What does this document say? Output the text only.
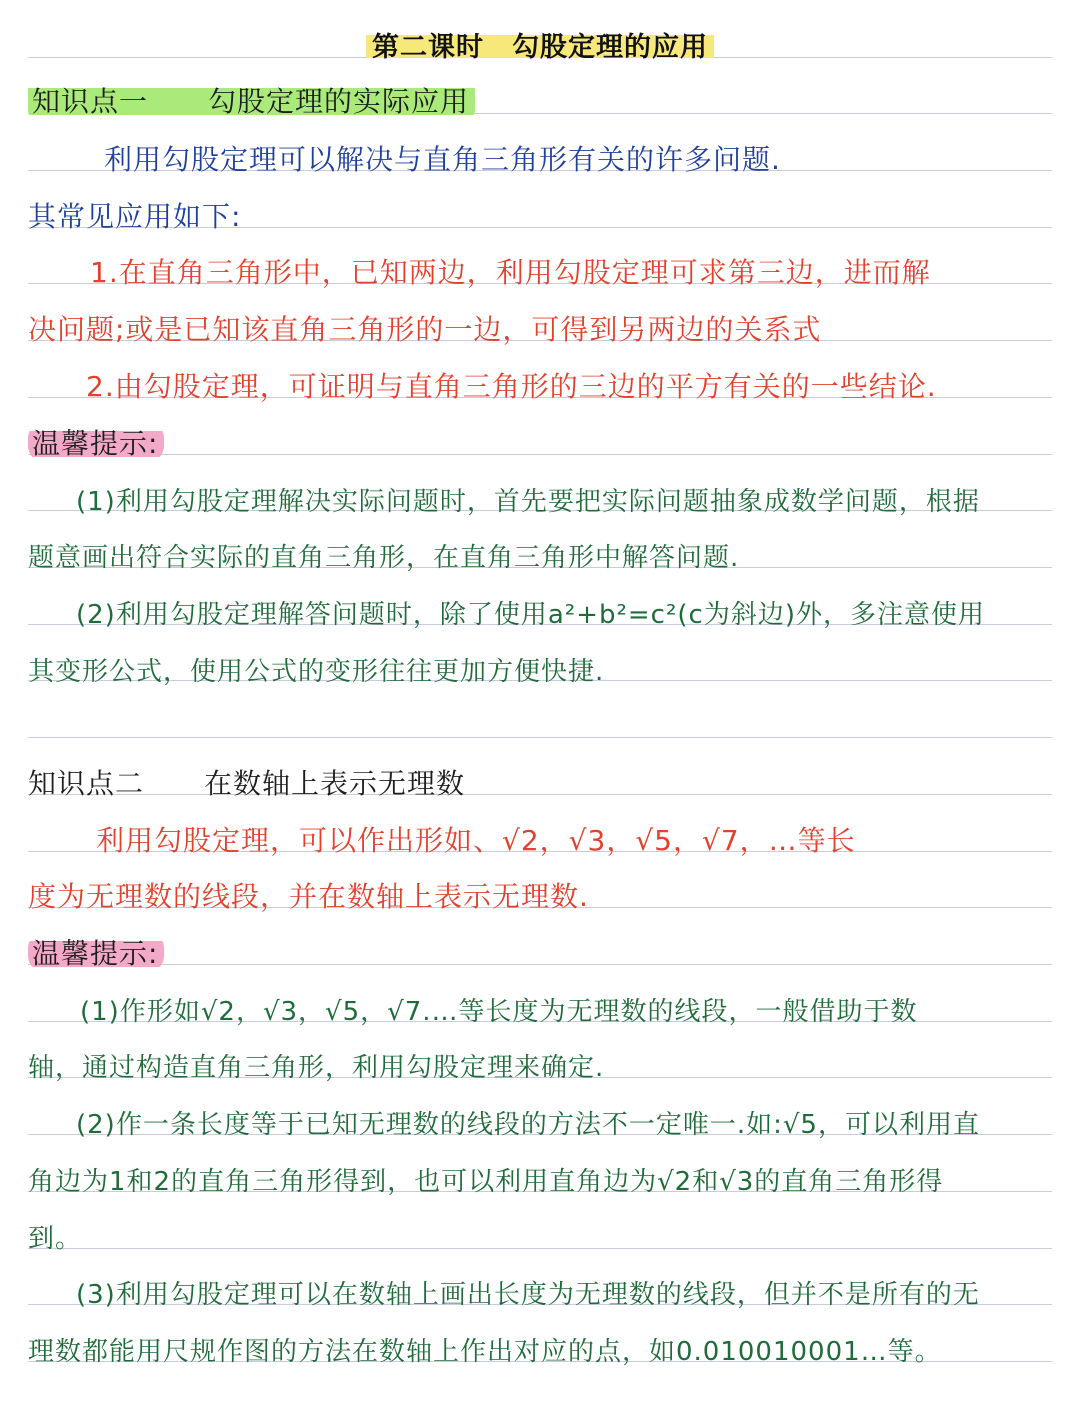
第二课时　勾股定理的应用
知识点一 勾股定理的实际应用
利用勾股定理可以解决与直角三角形有关的许多问题.
其常见应用如下:
1.在直角三角形中，已知两边，利用勾股定理可求第三边，进而解
决问题;或是已知该直角三角形的一边，可得到另两边的关系式
2.由勾股定理，可证明与直角三角形的三边的平方有关的一些结论.
温馨提示:
(1)利用勾股定理解决实际问题时，首先要把实际问题抽象成数学问题，根据
题意画出符合实际的直角三角形，在直角三角形中解答问题.
(2)利用勾股定理解答问题时，除了使用a²+b²=c²(c为斜边)外，多注意使用
其变形公式，使用公式的变形往往更加方便快捷.
知识点二 在数轴上表示无理数
利用勾股定理，可以作出形如、√2，√3，√5，√7，…等长
度为无理数的线段，并在数轴上表示无理数.
温馨提示:
(1)作形如√2，√3，√5，√7.…等长度为无理数的线段，一般借助于数
轴，通过构造直角三角形，利用勾股定理来确定.
(2)作一条长度等于已知无理数的线段的方法不一定唯一.如:√5，可以利用直
角边为1和2的直角三角形得到，也可以利用直角边为√2和√3的直角三角形得
到。
(3)利用勾股定理可以在数轴上画出长度为无理数的线段，但并不是所有的无
理数都能用尺规作图的方法在数轴上作出对应的点，如0.010010001…等。
